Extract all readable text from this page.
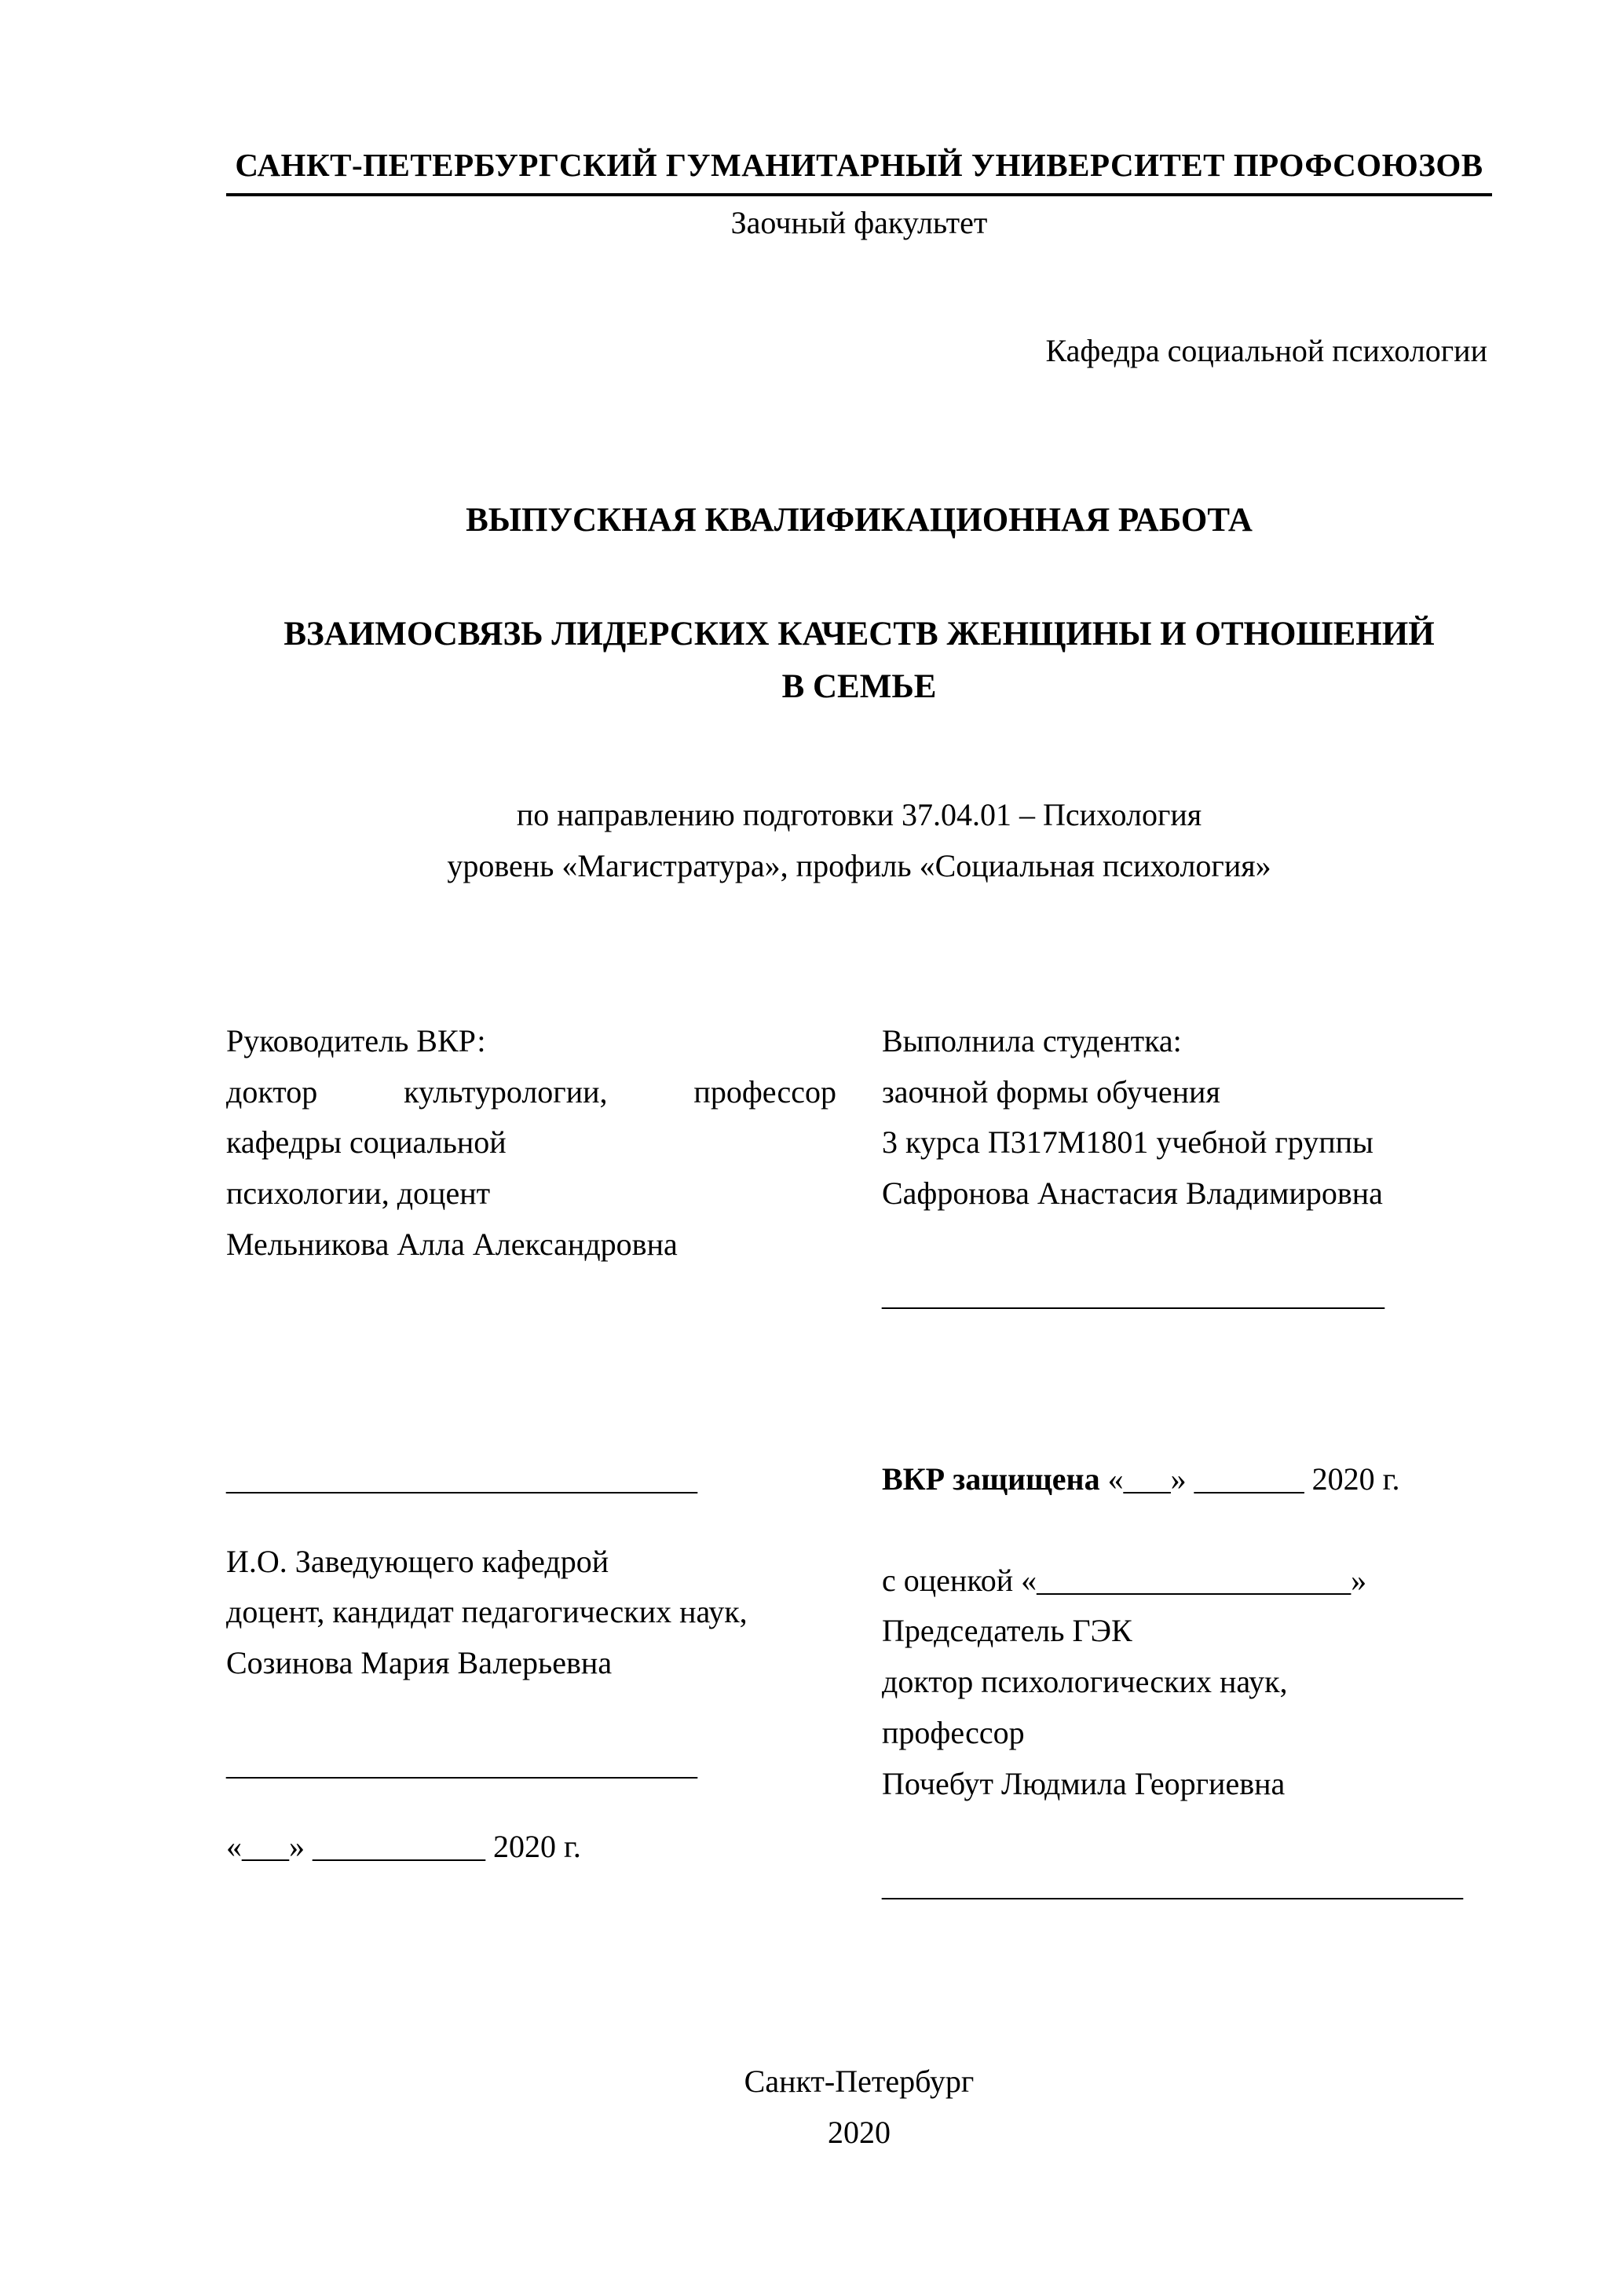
САНКТ-ПЕТЕРБУРГСКИЙ ГУМАНИТАРНЫЙ УНИВЕРСИТЕТ ПРОФСОЮЗОВ
Заочный факультет
Кафедра социальной психологии
ВЫПУСКНАЯ КВАЛИФИКАЦИОННАЯ РАБОТА
ВЗАИМОСВЯЗЬ ЛИДЕРСКИХ КАЧЕСТВ ЖЕНЩИНЫ И ОТНОШЕНИЙ
В СЕМЬЕ
по направлению подготовки 37.04.01 – Психология
уровень «Магистратура», профиль «Социальная психология»
Руководитель ВКР:
доктор культурологии, профессор
кафедры социальной
психологии, доцент
Мельникова Алла Александровна
Выполнила студентка:
заочной формы обучения
3 курса П317М1801 учебной группы
Сафронова Анастасия Владимировна
________________________________
______________________________
И.О. Заведующего кафедрой
доцент, кандидат педагогических наук,
Созинова Мария Валерьевна
______________________________
«___» ___________ 2020 г.
ВКР защищена «___» _______ 2020 г.
с оценкой «____________________»
Председатель ГЭК
доктор психологических наук,
профессор
Почебут Людмила Георгиевна
_____________________________________
Санкт-Петербург
2020
